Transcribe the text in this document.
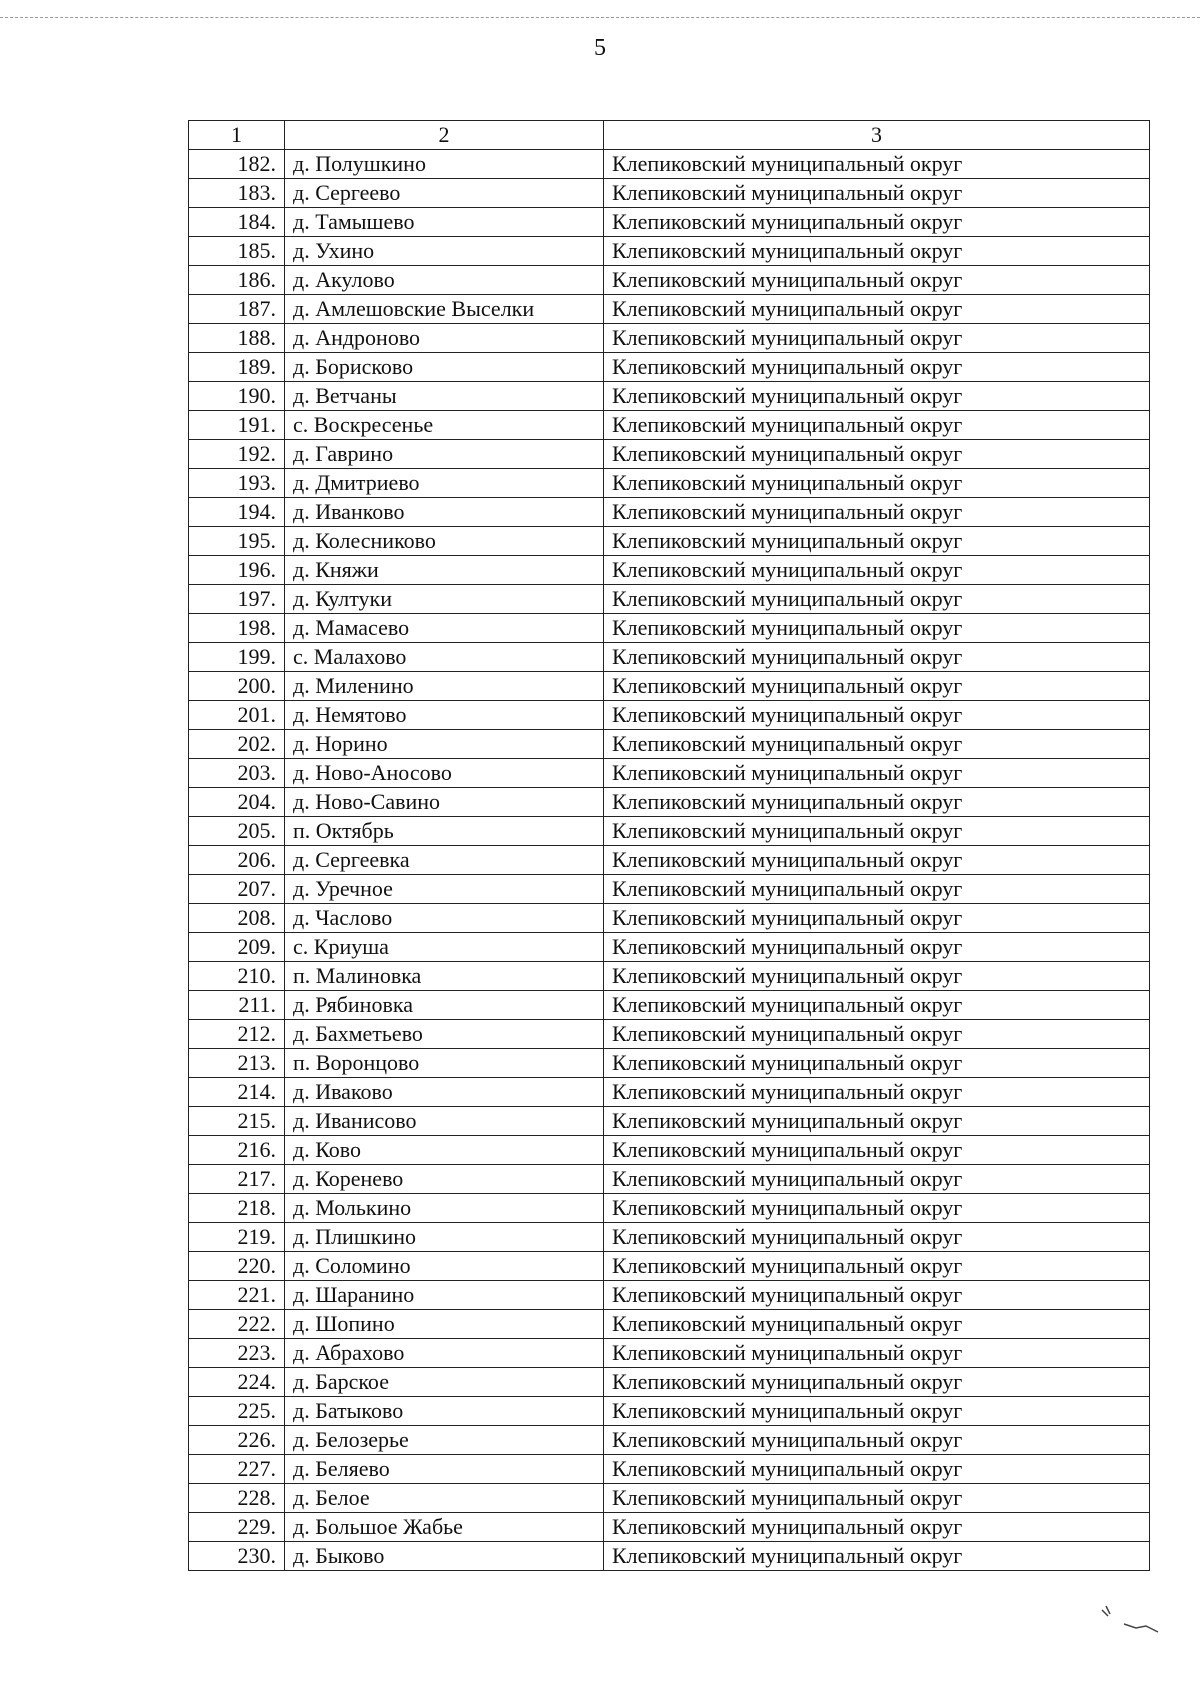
5
1	2	3
182.	д. Полушкино	Клепиковский муниципальный округ
183.	д. Сергеево	Клепиковский муниципальный округ
184.	д. Тамышево	Клепиковский муниципальный округ
185.	д. Ухино	Клепиковский муниципальный округ
186.	д. Акулово	Клепиковский муниципальный округ
187.	д. Амлешовские Выселки	Клепиковский муниципальный округ
188.	д. Андроново	Клепиковский муниципальный округ
189.	д. Борисково	Клепиковский муниципальный округ
190.	д. Ветчаны	Клепиковский муниципальный округ
191.	с. Воскресенье	Клепиковский муниципальный округ
192.	д. Гаврино	Клепиковский муниципальный округ
193.	д. Дмитриево	Клепиковский муниципальный округ
194.	д. Иванково	Клепиковский муниципальный округ
195.	д. Колесниково	Клепиковский муниципальный округ
196.	д. Княжи	Клепиковский муниципальный округ
197.	д. Култуки	Клепиковский муниципальный округ
198.	д. Мамасево	Клепиковский муниципальный округ
199.	с. Малахово	Клепиковский муниципальный округ
200.	д. Миленино	Клепиковский муниципальный округ
201.	д. Немятово	Клепиковский муниципальный округ
202.	д. Норино	Клепиковский муниципальный округ
203.	д. Ново-Аносово	Клепиковский муниципальный округ
204.	д. Ново-Савино	Клепиковский муниципальный округ
205.	п. Октябрь	Клепиковский муниципальный округ
206.	д. Сергеевка	Клепиковский муниципальный округ
207.	д. Уречное	Клепиковский муниципальный округ
208.	д. Часлово	Клепиковский муниципальный округ
209.	с. Криуша	Клепиковский муниципальный округ
210.	п. Малиновка	Клепиковский муниципальный округ
211.	д. Рябиновка	Клепиковский муниципальный округ
212.	д. Бахметьево	Клепиковский муниципальный округ
213.	п. Воронцово	Клепиковский муниципальный округ
214.	д. Иваково	Клепиковский муниципальный округ
215.	д. Иванисово	Клепиковский муниципальный округ
216.	д. Ково	Клепиковский муниципальный округ
217.	д. Коренево	Клепиковский муниципальный округ
218.	д. Молькино	Клепиковский муниципальный округ
219.	д. Плишкино	Клепиковский муниципальный округ
220.	д. Соломино	Клепиковский муниципальный округ
221.	д. Шаранино	Клепиковский муниципальный округ
222.	д. Шопино	Клепиковский муниципальный округ
223.	д. Абрахово	Клепиковский муниципальный округ
224.	д. Барское	Клепиковский муниципальный округ
225.	д. Батыково	Клепиковский муниципальный округ
226.	д. Белозерье	Клепиковский муниципальный округ
227.	д. Беляево	Клепиковский муниципальный округ
228.	д. Белое	Клепиковский муниципальный округ
229.	д. Большое Жабье	Клепиковский муниципальный округ
230.	д. Быково	Клепиковский муниципальный округ
